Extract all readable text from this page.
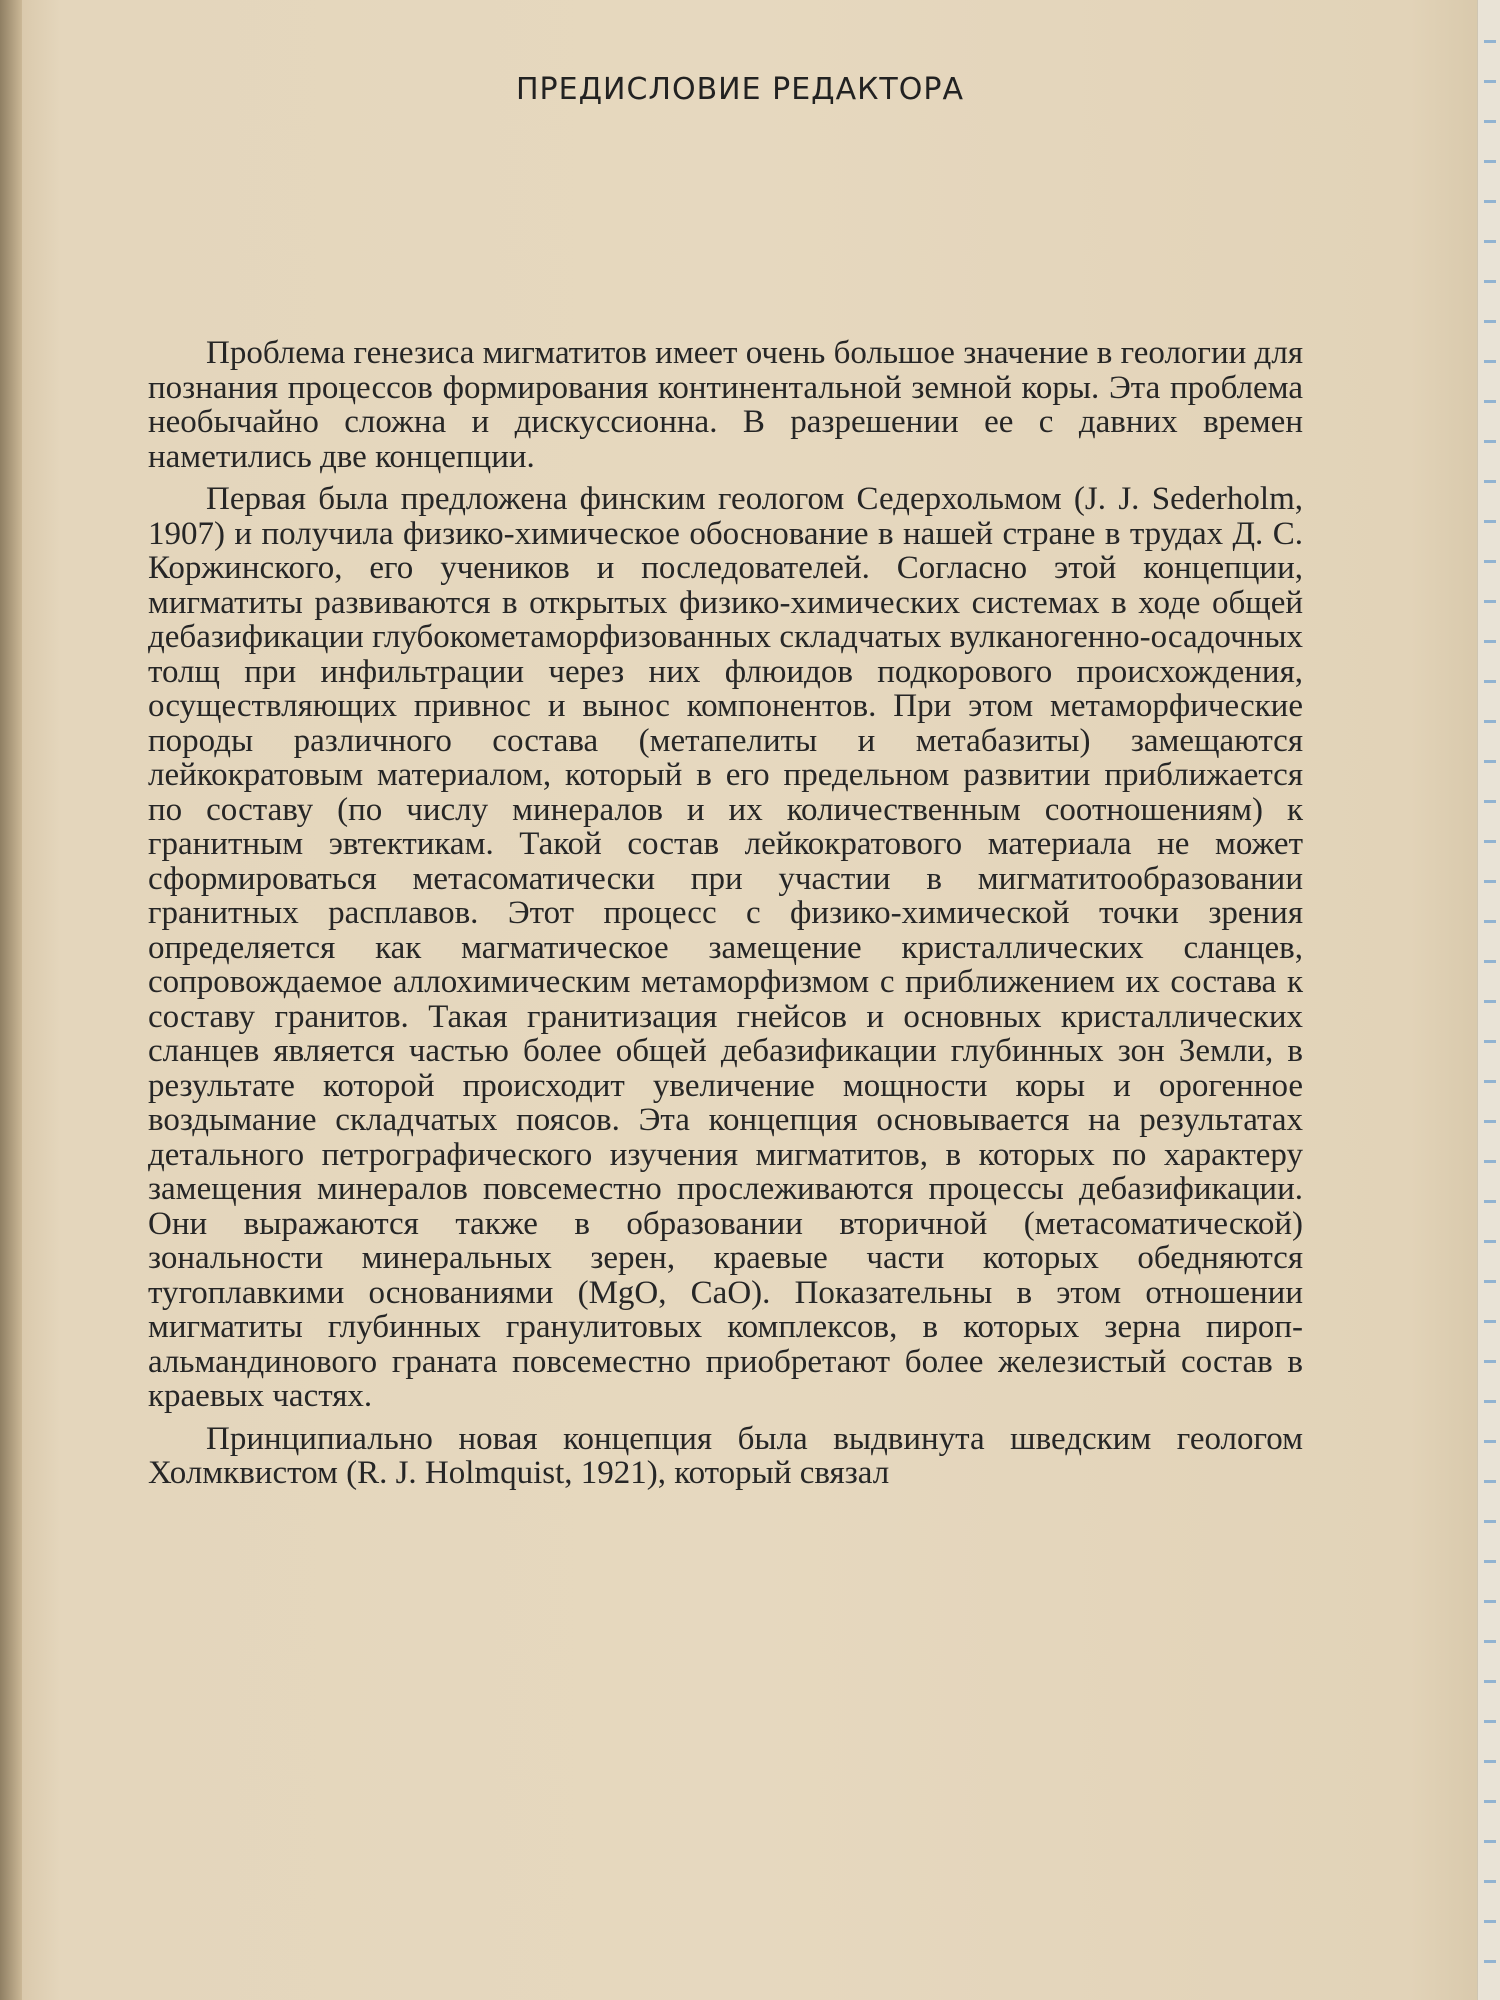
ПРЕДИСЛОВИЕ РЕДАКТОРА

Проблема генезиса мигматитов имеет очень большое значение в геологии для познания процессов формирования континентальной земной коры. Эта проблема необычайно сложна и дискуссионна. В разрешении ее с давних времен наметились две концепции.

Первая была предложена финским геологом Седерхольмом (J. J. Sederholm, 1907) и получила физико-химическое обоснование в нашей стране в трудах Д. С. Коржинского, его учеников и последователей. Согласно этой концепции, мигматиты развиваются в открытых физико-химических системах в ходе общей дебазификации глубокометаморфизованных складчатых вулканогенно-осадочных толщ при инфильтрации через них флюидов подкорового происхождения, осуществляющих привнос и вынос компонентов. При этом метаморфические породы различного состава (метапелиты и метабазиты) замещаются лейкократовым материалом, который в его предельном развитии приближается по составу (по числу минералов и их количественным соотношениям) к гранитным эвтектикам. Такой состав лейкократового материала не может сформироваться метасоматически при участии в мигматитообразовании гранитных расплавов. Этот процесс с физико-химической точки зрения определяется как магматическое замещение кристаллических сланцев, сопровождаемое аллохимическим метаморфизмом с приближением их состава к составу гранитов. Такая гранитизация гнейсов и основных кристаллических сланцев является частью более общей дебазификации глубинных зон Земли, в результате которой происходит увеличение мощности коры и орогенное воздымание складчатых поясов. Эта концепция основывается на результатах детального петрографического изучения мигматитов, в которых по характеру замещения минералов повсеместно прослеживаются процессы дебазификации. Они выражаются также в образовании вторичной (метасоматической) зональности минеральных зерен, краевые части которых обедняются тугоплавкими основаниями (MgO, CaO). Показательны в этом отношении мигматиты глубинных гранулитовых комплексов, в которых зерна пироп-альмандинового граната повсеместно приобретают более железистый состав в краевых частях.

Принципиально новая концепция была выдвинута шведским геологом Холмквистом (R. J. Holmquist, 1921), который связал
